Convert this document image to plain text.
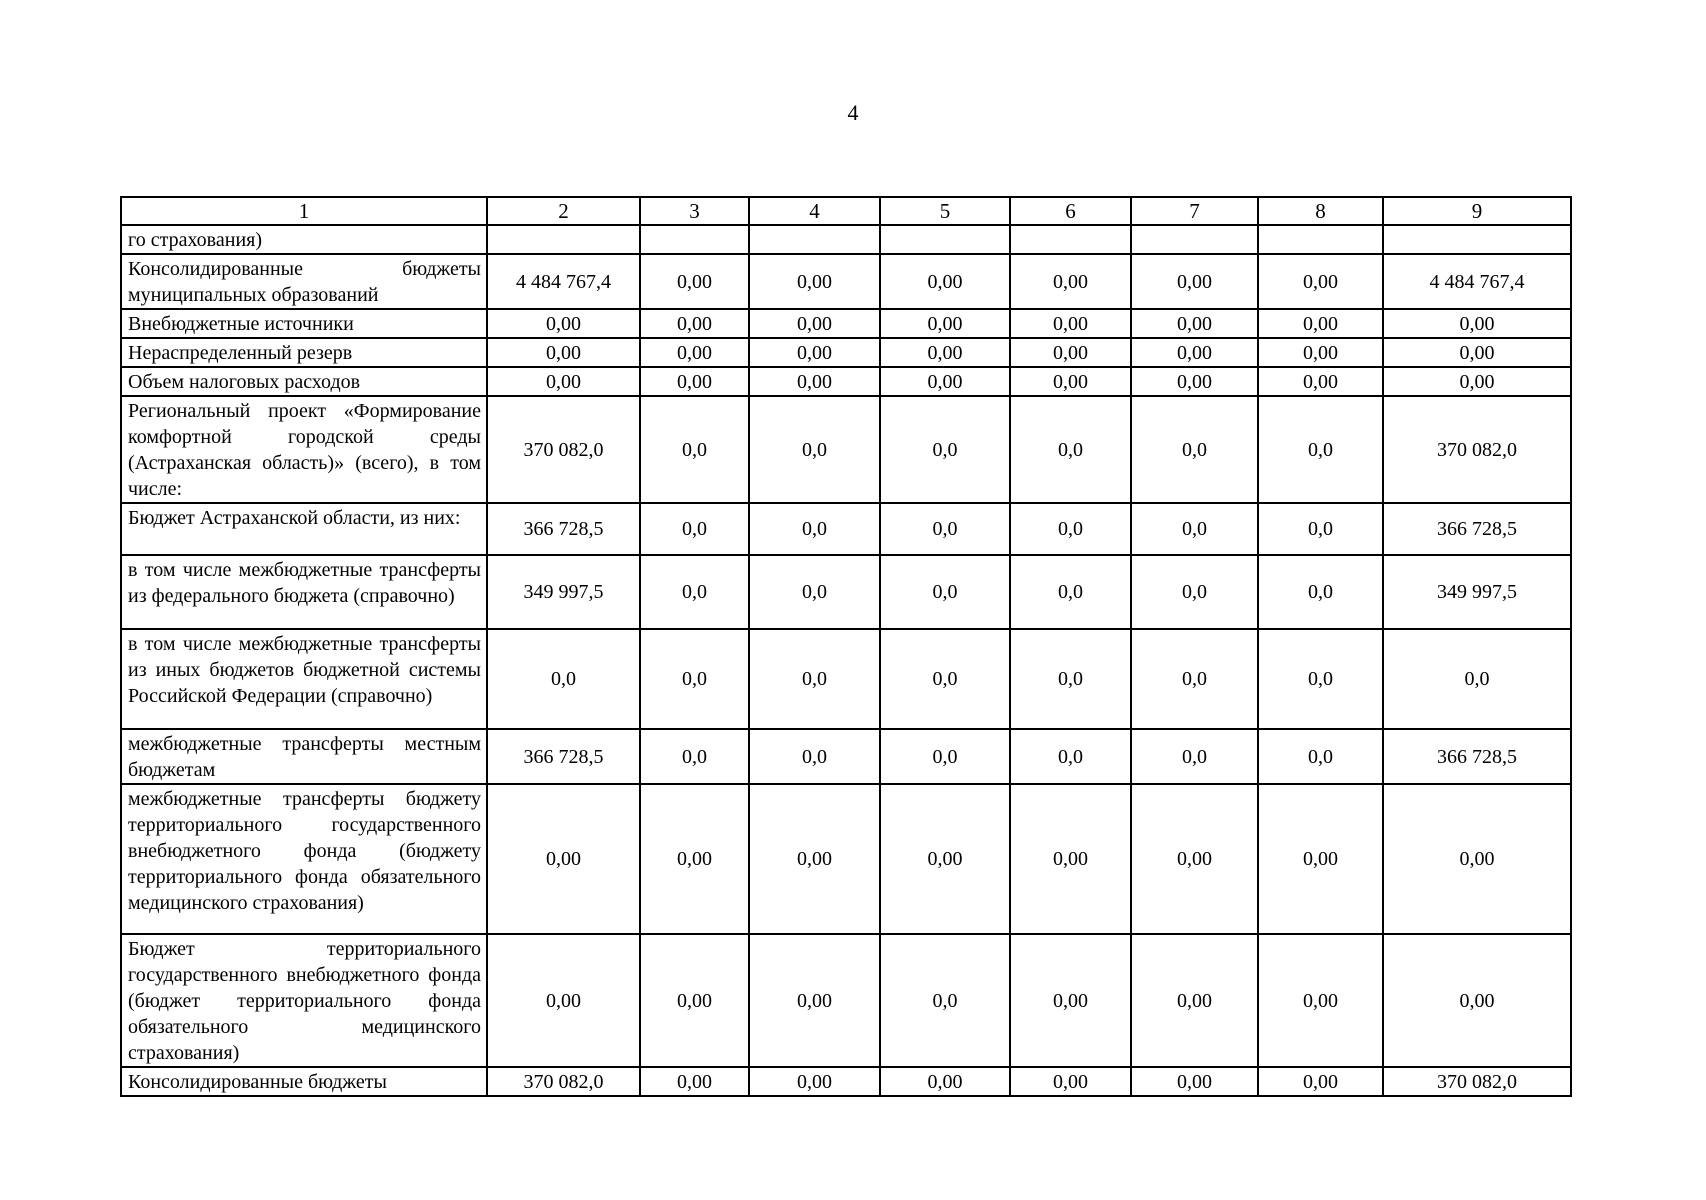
4
1	2	3	4	5	6	7	8	9
го страхования)								
Консолидированные бюджеты муниципальных образований	4 484 767,4	0,00	0,00	0,00	0,00	0,00	0,00	4 484 767,4
Внебюджетные источники	0,00	0,00	0,00	0,00	0,00	0,00	0,00	0,00
Нераспределенный резерв	0,00	0,00	0,00	0,00	0,00	0,00	0,00	0,00
Объем налоговых расходов	0,00	0,00	0,00	0,00	0,00	0,00	0,00	0,00
Региональный проект «Формирование комфортной городской среды (Астраханская область)» (всего), в том числе:	370 082,0	0,0	0,0	0,0	0,0	0,0	0,0	370 082,0
Бюджет Астраханской области, из них:	366 728,5	0,0	0,0	0,0	0,0	0,0	0,0	366 728,5
в том числе межбюджетные трансферты из федерального бюджета (справочно)	349 997,5	0,0	0,0	0,0	0,0	0,0	0,0	349 997,5
в том числе межбюджетные трансферты из иных бюджетов бюджетной системы Российской Федерации (справочно)	0,0	0,0	0,0	0,0	0,0	0,0	0,0	0,0
межбюджетные трансферты местным бюджетам	366 728,5	0,0	0,0	0,0	0,0	0,0	0,0	366 728,5
межбюджетные трансферты бюджету территориального государственного внебюджетного фонда (бюджету территориального фонда обязательного медицинского страхования)	0,00	0,00	0,00	0,00	0,00	0,00	0,00	0,00
Бюджет территориального государственного внебюджетного фонда (бюджет территориального фонда обязательного медицинского страхования)	0,00	0,00	0,00	0,0	0,00	0,00	0,00	0,00
Консолидированные бюджеты	370 082,0	0,00	0,00	0,00	0,00	0,00	0,00	370 082,0
